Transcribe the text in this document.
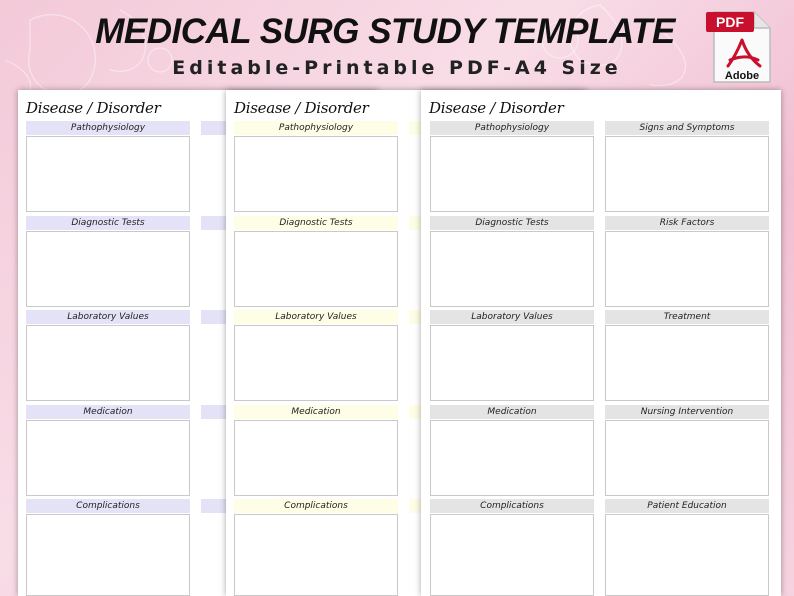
MEDICAL SURG STUDY TEMPLATE
Editable-Printable PDF-A4 Size
PDF
Adobe
Disease / Disorder
Pathophysiology
Diagnostic Tests
Laboratory Values
Medication
Complications
Disease / Disorder
Pathophysiology
Diagnostic Tests
Laboratory Values
Medication
Complications
Disease / Disorder
Pathophysiology
Diagnostic Tests
Laboratory Values
Medication
Complications
Signs and Symptoms
Risk Factors
Treatment
Nursing Intervention
Patient Education
